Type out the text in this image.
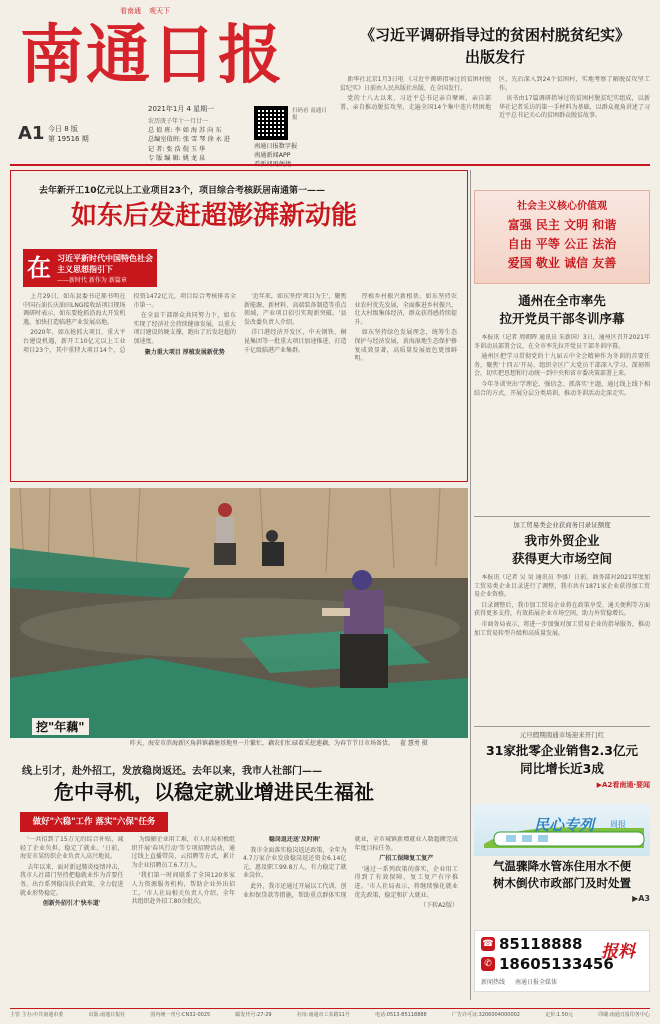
看南通 观天下
南通日报
A1 今日 8 版
第 19516 期
2021年1月 4 星期一
农历庚子年十一月廿一
总 值 班: 李 如 海 苏 向 东
总编室值班: 张 雪 琴 徐 永 进
记 者: 张 浩 倪 玉 华
专 版 编 辑: 姚 龙 泉
南通日报数字报
南通新闻APP
扫码看 南通日报
《习近平调研指导过的贫困村脱贫纪实》
出版发行

新华社北京1月3日电 《习近平调研指导过的贫困村脱贫纪实》日前由人民出版社出版，在全国发行。

党的十八大以来，习近平总书记亲自擘画、亲自部署、亲自推动脱贫攻坚，走遍全国14个集中连片特困地区，先后深入到24个贫困村，实地考察了解脱贫攻坚工作。

该书由17篇调研指导过的贫困村脱贫纪实组成，以新华社记者采访的第一手材料为基础，以群众视角讲述了习近平总书记关心的贫困群众脱贫故事。

去年新开工10亿元以上工业项目23个，项目综合考核跃居南通第一——
如东后发赶超澎湃新动能
在 习近平新时代中国特色社会主义思想指引下
——新时代 新作为 新篇章

上月29日，如东县委书记郝书明在中国石油长庆油田LNG接收站项目现场调研时表示，如东要抢抓沿海大开发机遇，加快打造临港产业发展高地。

2020年，如东抢抓大项目、重大平台建设机遇，新开工10亿元以上工业项目23个，其中重特大项目14个，总投资1472亿元，项目综合考核排名全市第一。

在全县干部群众共同努力下，如东实现了经济社会持续健康发展，以重大项目建设的硬支撑，跑出了后发赶超的加速度。

聚力重大项目 厚植发展新优势

'近年来，如东坚持'项目为王'，聚焦新能源、新材料、高端装备制造等重点领域，产业项目招引实现新突破。'县发改委负责人介绍。

洋口港经济开发区，中天钢铁、桐昆集团等一批重大项目加速推进，打造千亿级临港产业集群。

厚植乡村振兴新根基，如东坚持农业农村优先发展，全面推进乡村振兴，壮大村级集体经济，群众获得感持续提升。

如东坚持绿色发展理念，统筹生态保护与经济发展，黄海湿地生态保护修复成效显著，高质量发展底色更加鲜明。

挖"年藕"
昨天，海安市滨海新区角斜镇藕塘基地里一片繁忙，藕农们忙碌着采挖莲藕，为春节节日市场备货。 翟 慧勇 摄
社会主义核心价值观
富强 民主 文明 和谐
自由 平等 公正 法治
爱国 敬业 诚信 友善
通州在全市率先
拉开党员干部冬训序幕

本报讯（记者 周朝晖 通讯员 朱新国）3日，通州区召开2021年冬训动员部署会议，在全市率先拉开党员干部冬训序幕。

通州区把学习贯彻党的十九届五中全会精神作为冬训的首要任务，聚焦'十四五'开局，组织全区广大党员干部深入学习、深刻领会，切实把思想和行动统一到中央和省市委决策部署上来。

今年冬训突出'学理论、强信念、抓落实'主题，通过线上线下相结合的方式，开展分层分类培训，推动冬训活动走深走实。

加工贸易类企业获商务目录证额度
我市外贸企业
获得更大市场空间

本报讯（记者 吴 昊 通讯员 李盛）日前，商务部对2021年度加工贸易类企业目录进行了调整，我市共有1871家企业获得加工贸易企业资格。

目录调整后，我市加工贸易企业将在政策享受、通关便利等方面获得更多支持，有效拓展企业市场空间，助力外贸稳增长。

市商务局表示，将进一步加强对加工贸易企业的指导服务，推动加工贸易转型升级和高质量发展。

元旦假期南通市场迎来开门红
31家批零企业销售2.3亿元
同比增长近3成
▶A2看南通·要闻
民心专列 周报
气温骤降水管冻住用水不便
树木倒伏市政部门及时处置
▶A3
☎ 85118888
✆ 18605133456
报料
新闻热线 南通日报全媒体
线上引才，赴外招工，发放稳岗返还。去年以来，我市人社部门——
危中寻机，以稳定就业增进民生福祉
做好"六稳"工作 落实"六保"任务

'一共招到了15万元的综合补贴，减轻了企业负担，稳定了就业。'日前，海安市某纺织企业负责人高兴地说。

去年以来，面对新冠肺炎疫情冲击，我市人社部门坚持把稳就业作为首要任务，出台系列稳岗扶企政策，全力促进就业形势稳定。

创新外招引才'快车道'

为缓解企业用工难，市人社局积极组织开展'春风行动'等专项招聘活动，通过线上直播带岗、云招聘等方式，累计为企业招聘员工6.7万人。

'我们第一时间联系了全国120多家人力资源服务机构，帮助企业外出招工。'市人社局相关负责人介绍，全年共组织赴外招工80余批次。

稳岗返还送'及时雨'

我市全面落实稳岗返还政策，全年为4.7万家企业发放稳岗返还资金6.14亿元，惠及职工99.8万人，有力稳定了就业岗位。

此外，我市还通过开展以工代训、创业担保贷款等措施，帮助重点群体实现就业，全市城镇新增就业人数超额完成年度目标任务。

广招工保障复工复产

'通过一系列政策的落实，企业用工得到了有效保障，复工复产有序推进。'市人社局表示，将继续强化就业优先政策，稳定和扩大就业。

（下转A2版）

主管 主办:中共南通市委	出版:南通日报社	国内统一刊号:CN32-0025	邮发代号:27-29	社址:南通市工农路11号	电话:0513-85118888	广告许可证:3206004000002	定价:1.50元	印刷:南通日报印务中心
